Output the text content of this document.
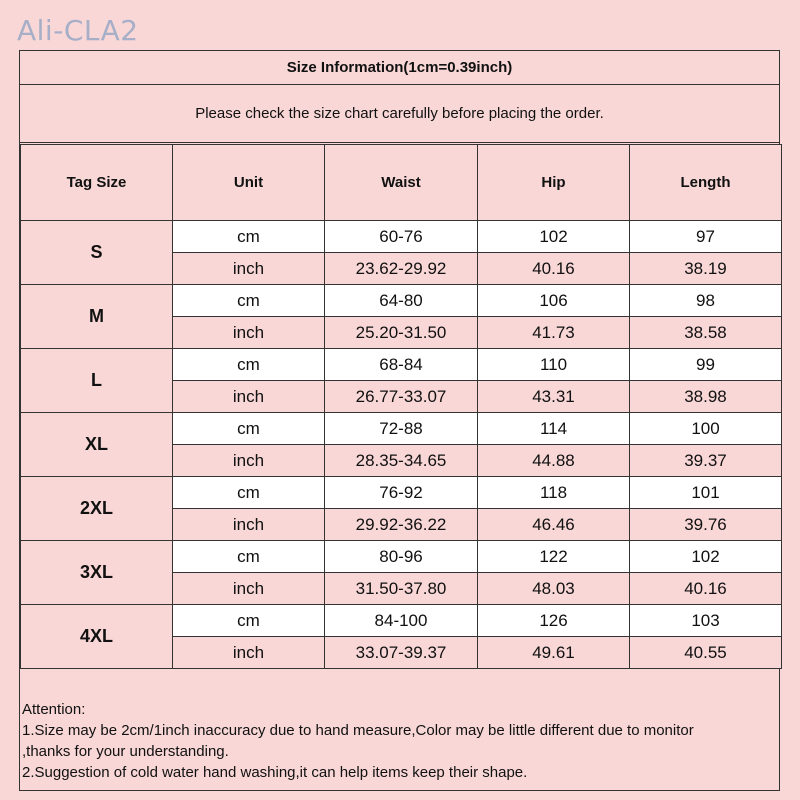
Ali-CLA2
Size Information(1cm=0.39inch)
Please check the size chart carefully before placing the order.
Tag Size	Unit	Waist	Hip	Length
S	cm	60-76	102	97
	inch	23.62-29.92	40.16	38.19
M	cm	64-80	106	98
	inch	25.20-31.50	41.73	38.58
L	cm	68-84	110	99
	inch	26.77-33.07	43.31	38.98
XL	cm	72-88	114	100
	inch	28.35-34.65	44.88	39.37
2XL	cm	76-92	118	101
	inch	29.92-36.22	46.46	39.76
3XL	cm	80-96	122	102
	inch	31.50-37.80	48.03	40.16
4XL	cm	84-100	126	103
	inch	33.07-39.37	49.61	40.55
Attention:
1.Size may be 2cm/1inch inaccuracy due to hand measure,Color may be little different due to monitor
,thanks for your understanding.
2.Suggestion of cold water hand washing,it can help items keep their shape.
